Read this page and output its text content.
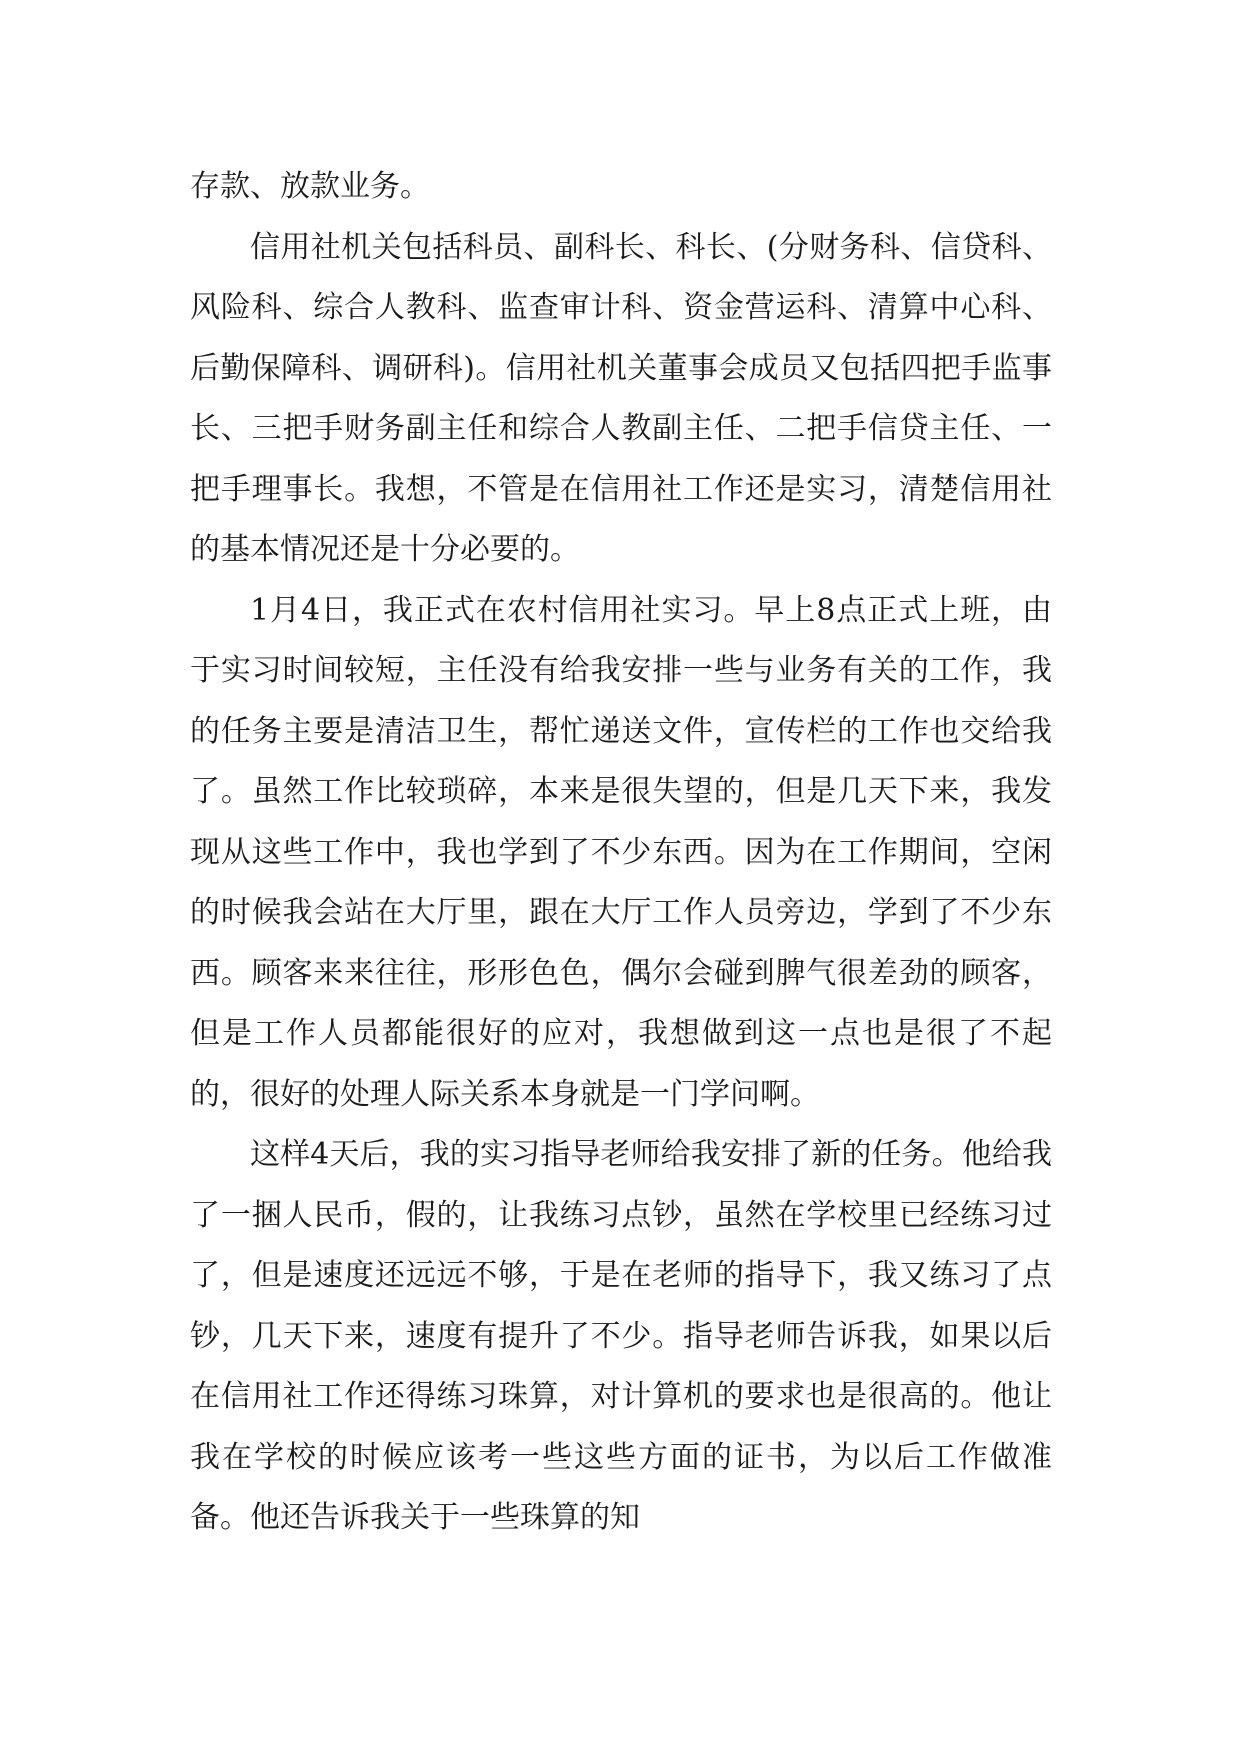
存款、放款业务。

信用社机关包括科员、副科长、科长、(分财务科、信贷科、风险科、综合人教科、监查审计科、资金营运科、清算中心科、后勤保障科、调研科)。信用社机关董事会成员又包括四把手监事长、三把手财务副主任和综合人教副主任、二把手信贷主任、一把手理事长。我想，不管是在信用社工作还是实习，清楚信用社的基本情况还是十分必要的。

1月4日，我正式在农村信用社实习。早上8点正式上班，由于实习时间较短，主任没有给我安排一些与业务有关的工作，我的任务主要是清洁卫生，帮忙递送文件，宣传栏的工作也交给我了。虽然工作比较琐碎，本来是很失望的，但是几天下来，我发现从这些工作中，我也学到了不少东西。因为在工作期间，空闲的时候我会站在大厅里，跟在大厅工作人员旁边，学到了不少东西。顾客来来往往，形形色色，偶尔会碰到脾气很差劲的顾客，但是工作人员都能很好的应对，我想做到这一点也是很了不起的，很好的处理人际关系本身就是一门学问啊。

这样4天后，我的实习指导老师给我安排了新的任务。他给我了一捆人民币，假的，让我练习点钞，虽然在学校里已经练习过了，但是速度还远远不够，于是在老师的指导下，我又练习了点钞，几天下来，速度有提升了不少。指导老师告诉我，如果以后在信用社工作还得练习珠算，对计算机的要求也是很高的。他让我在学校的时候应该考一些这些方面的证书，为以后工作做准备。他还告诉我关于一些珠算的知
